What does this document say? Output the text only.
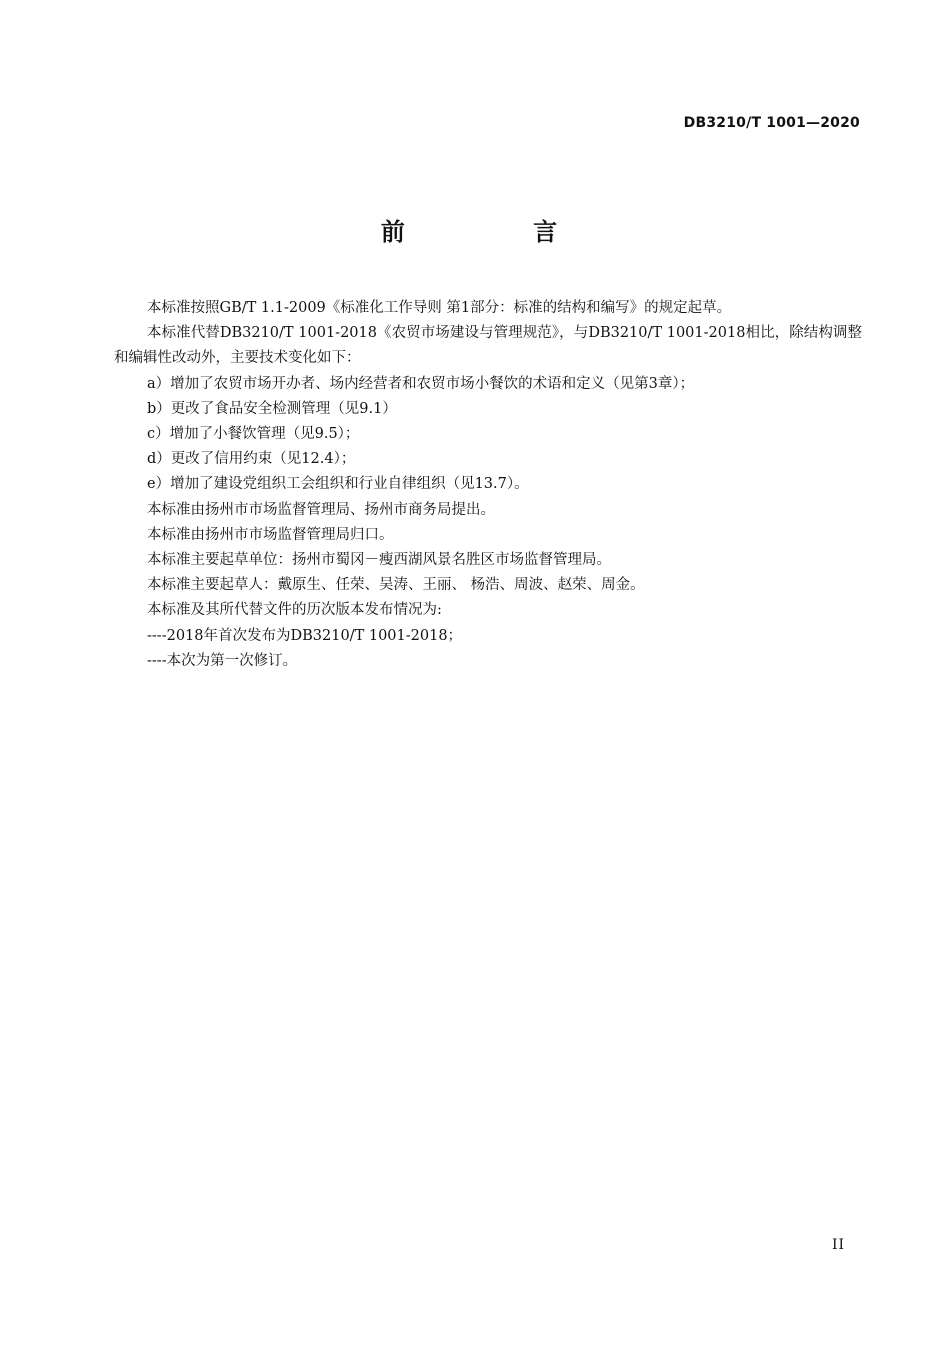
DB3210/T 1001—2020
前 言

本标准按照GB/T 1.1-2009《标准化工作导则 第1部分：标准的结构和编写》的规定起草。

本标准代替DB3210/T 1001-2018《农贸市场建设与管理规范》，与DB3210/T 1001-2018相比，除结构调整和编辑性改动外，主要技术变化如下：

a）增加了农贸市场开办者、场内经营者和农贸市场小餐饮的术语和定义（见第3章）；

b）更改了食品安全检测管理（见9.1）

c）增加了小餐饮管理（见9.5）；

d）更改了信用约束（见12.4）；

e）增加了建设党组织工会组织和行业自律组织（见13.7）。

本标准由扬州市市场监督管理局、扬州市商务局提出。

本标准由扬州市市场监督管理局归口。

本标准主要起草单位：扬州市蜀冈－瘦西湖风景名胜区市场监督管理局。

本标准主要起草人：戴原生、任荣、吴涛、王丽、 杨浩、周波、赵荣、周金。

本标准及其所代替文件的历次版本发布情况为:

----2018年首次发布为DB3210/T 1001-2018；

----本次为第一次修订。

II
